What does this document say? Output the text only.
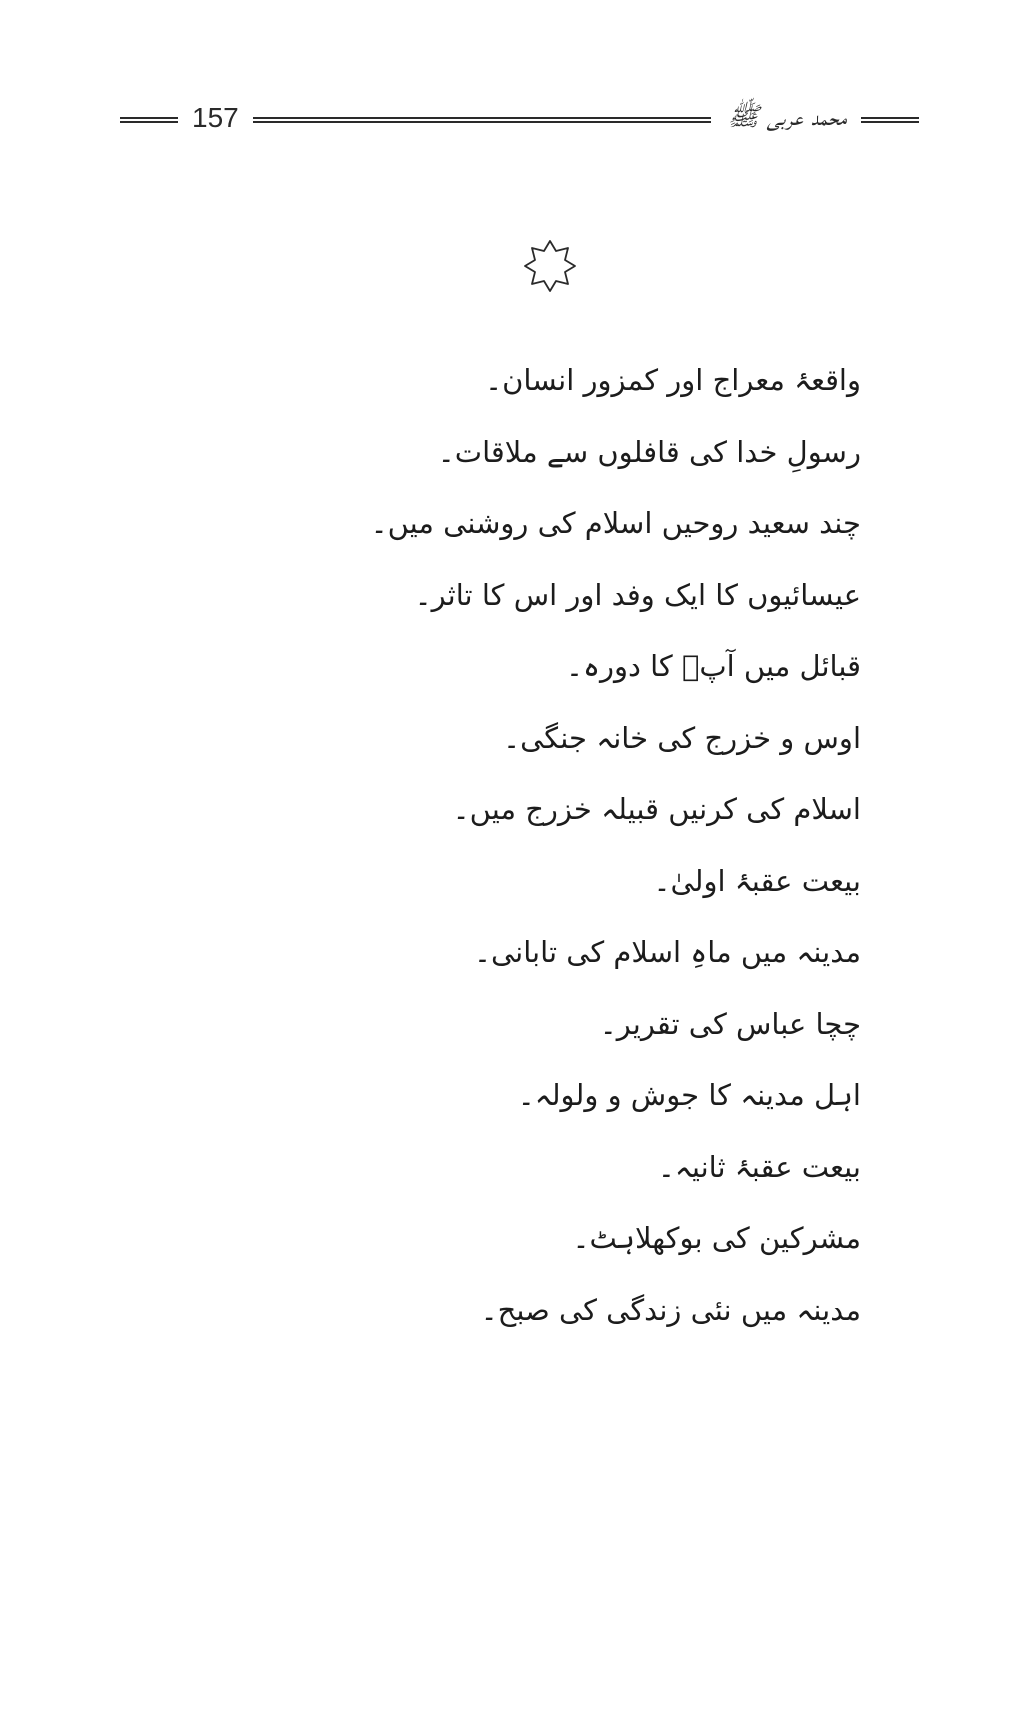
157	محمد عربی ﷺ
واقعۂ معراج اور کمزور انسان۔
رسولِ خدا کی قافلوں سے ملاقات۔
چند سعید روحیں اسلام کی روشنی میں۔
عیسائیوں کا ایک وفد اور اس کا تاثر۔
قبائل میں آپؐ کا دورہ۔
اوس و خزرج کی خانہ جنگی۔
اسلام کی کرنیں قبیلہ خزرج میں۔
بیعت عقبۂ اولیٰ۔
مدینہ میں ماہِ اسلام کی تابانی۔
چچا عباس کی تقریر۔
اہل مدینہ کا جوش و ولولہ۔
بیعت عقبۂ ثانیہ۔
مشرکین کی بوکھلاہٹ۔
مدینہ میں نئی زندگی کی صبح۔
